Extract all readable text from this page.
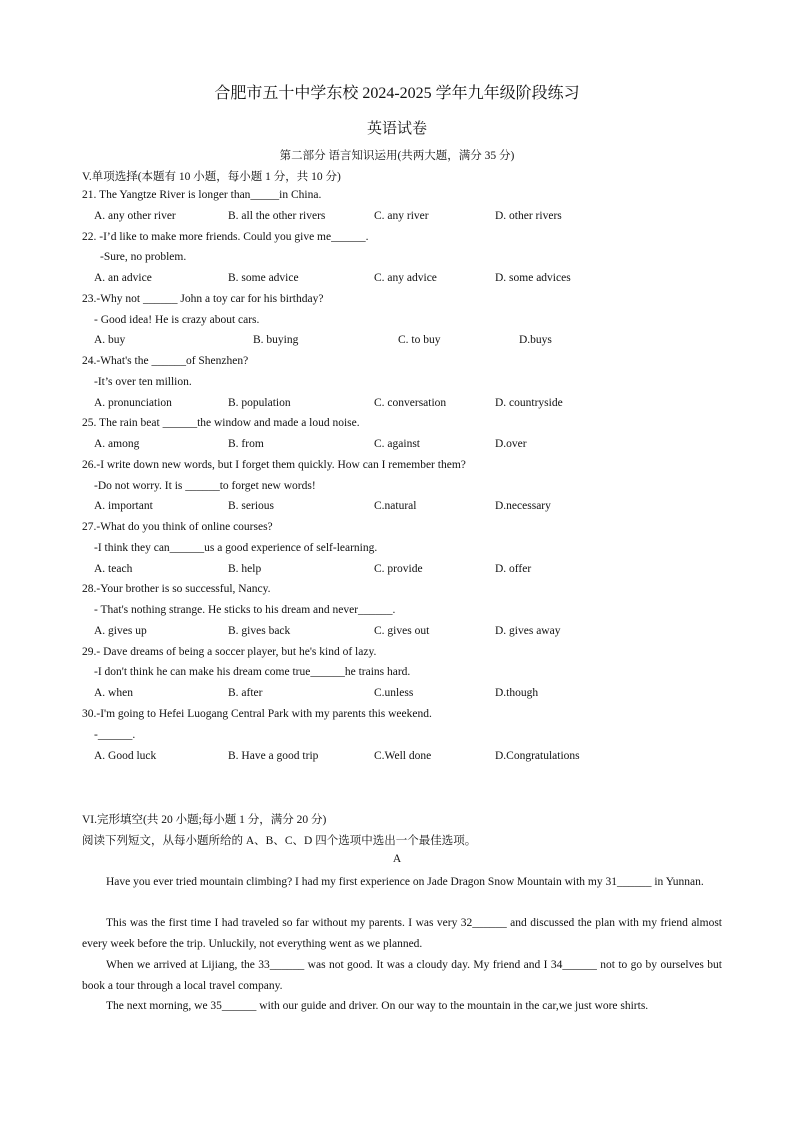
合肥市五十中学东校 2024-2025 学年九年级阶段练习
英语试卷
第二部分 语言知识运用(共两大题，满分 35 分)
V.单项选择(本题有 10 小题，每小题 1 分，共 10 分)
21. The Yangtze River is longer than_____in China.
A. any other river	B. all the other rivers	C. any river	D. other rivers
22. -I’d like to make more friends. Could you give me______.
-Sure, no problem.
A. an advice	B. some advice	C. any advice	D. some advices
23.-Why not ______ John a toy car for his birthday?
- Good idea! He is crazy about cars.
A. buy	B. buying	C. to buy	D.buys
24.-What's the ______of Shenzhen?
-It’s over ten million.
A. pronunciation	B. population	C. conversation	D. countryside
25. The rain beat ______the window and made a loud noise.
A. among	B. from	C. against	D.over
26.-I write down new words, but I forget them quickly. How can I remember them?
-Do not worry. It is ______to forget new words!
A. important	B. serious	C.natural	D.necessary
27.-What do you think of online courses?
-I think they can______us a good experience of self-learning.
A. teach	B. help	C. provide	D. offer
28.-Your brother is so successful, Nancy.
- That's nothing strange. He sticks to his dream and never______.
A. gives up	B. gives back	C. gives out	D. gives away
29.- Dave dreams of being a soccer player, but he's kind of lazy.
-I don't think he can make his dream come true______he trains hard.
A. when	B. after	C.unless	D.though
30.-I'm going to Hefei Luogang Central Park with my parents this weekend.
-______.
A. Good luck	B. Have a good trip	C.Well done	D.Congratulations
VI.完形填空(共 20 小题;每小题 1 分，满分 20 分)
阅读下列短文，从每小题所给的 A、B、C、D 四个选项中选出一个最佳选项。
A
Have you ever tried mountain climbing? I had my first experience on Jade Dragon Snow Mountain with my 31______ in Yunnan.
This was the first time I had traveled so far without my parents. I was very 32______ and discussed the plan with my friend almost every week before the trip. Unluckily, not everything went as we planned.
When we arrived at Lijiang, the 33______ was not good. It was a cloudy day. My friend and I 34______ not to go by ourselves but book a tour through a local travel company.
The next morning, we 35______ with our guide and driver. On our way to the mountain in the car,we just wore shirts.
